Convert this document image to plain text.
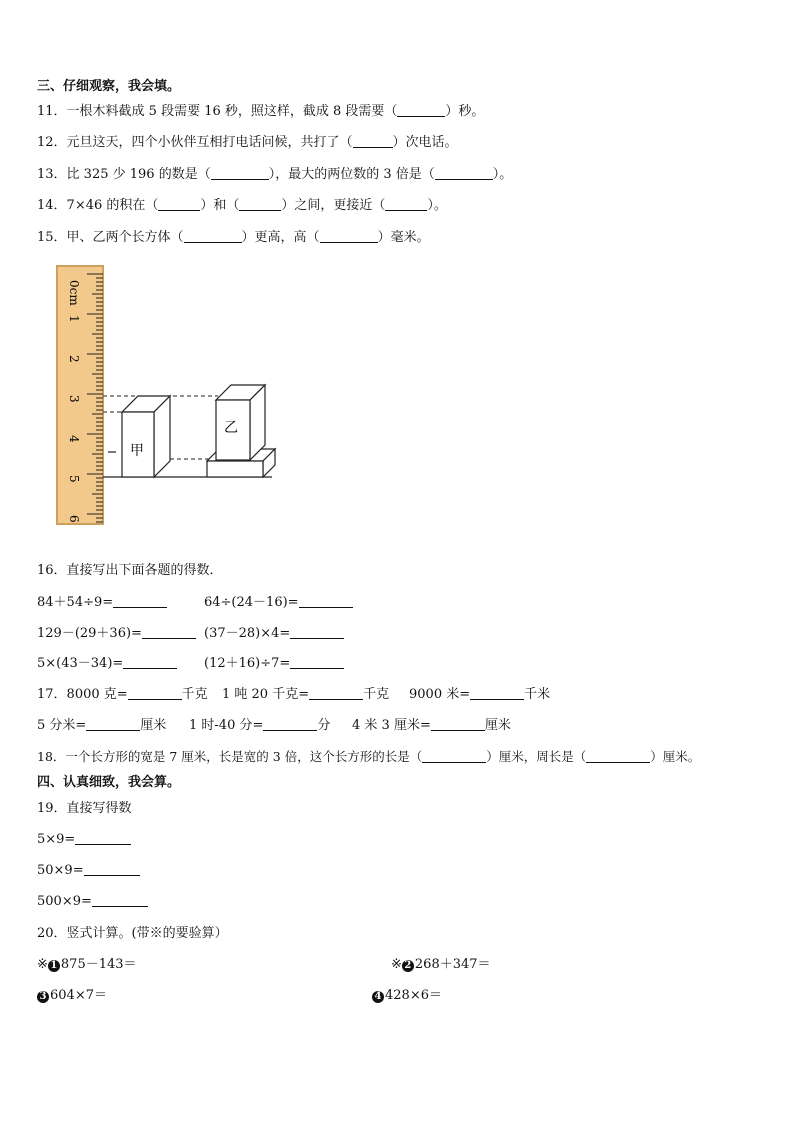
三、仔细观察，我会填。
11．一根木料截成 5 段需要 16 秒，照这样，截成 8 段需要（	）秒。
12．元旦这天，四个小伙伴互相打电话问候，共打了（	）次电话。
13．比 325 少 196 的数是（	），最大的两位数的 3 倍是（	）。
14．7×46 的积在（	）和（	）之间，更接近（	）。
15．甲、乙两个长方体（	）更高，高（	）毫米。
0cm
1
2
3
4
5
6
甲
乙
16．直接写出下面各题的得数．
84＋54÷9=	64÷(24－16)=
129－(29＋36)=	(37－28)×4=
5×(43－34)=	(12＋16)÷7=
17．8000 克=	千克 1 吨 20 千克=	千克 9000 米=	千米
5 分米=	厘米 1 时-40 分=	分 4 米 3 厘米=	厘米
18．一个长方形的宽是 7 厘米，长是宽的 3 倍，这个长方形的长是（	）厘米，周长是（	）厘米。
四、认真细致，我会算。
19．直接写得数
5×9=
50×9=
500×9=
20．竖式计算。(带※的要验算）
※ 1 875－143＝	※ 2 268＋347＝
3 604×7＝	4 428×6＝
